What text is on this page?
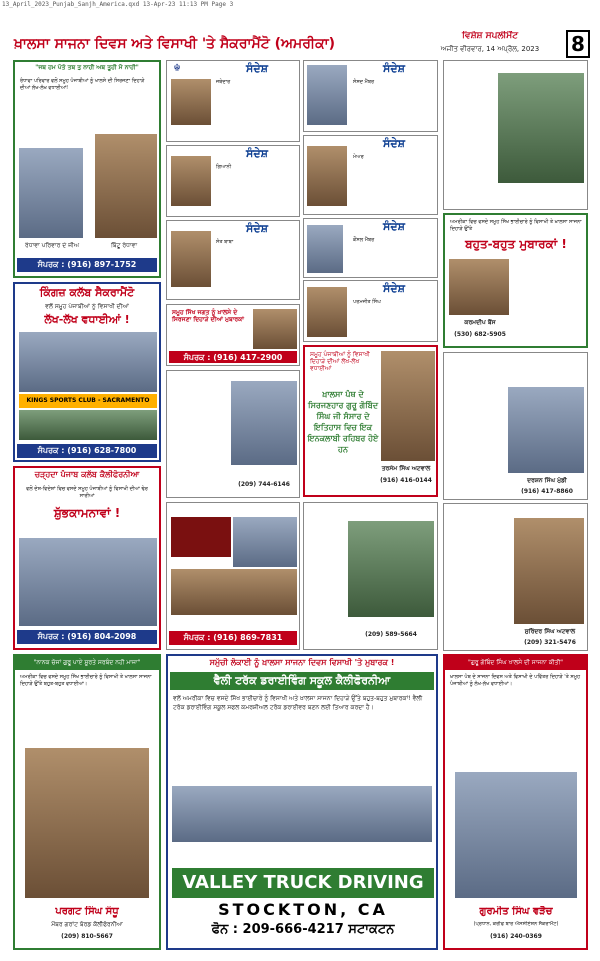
13_April_2023_Punjab_Sanjh_America.qxd 13-Apr-23 11:13 PM Page 3
ਖ਼ਾਲਸਾ ਸਾਜਨਾ ਦਿਵਸ ਅਤੇ ਵਿਸਾਖੀ 'ਤੇ ਸੈਕਰਾਮੈਂਟੋ (ਅਮਰੀਕਾ)	ਵਿਸ਼ੇਸ਼ ਸਪਲੀਮੈਂਟ
ਅਜੀਤ ਵੀਰਵਾਰ, 14 ਅਪ੍ਰੈਲ, 2023	8
"ਜਬ ਹਮ ਪੱਤੋ ਤਬ ਤੁ ਨਾਹੀ ਅਬ ਤੂਹੀ ਮੈ ਨਾਹੀ"
ਰੰਧਾਵਾ ਪਰਿਵਾਰ ਵਲੋਂ ਸਮੂਹ ਪੰਜਾਬੀਆਂ ਨੂੰ ਖਾਲਸੇ ਦੀ ਸਿਰਜਣਾ ਦਿਹਾੜੇ ਦੀਆਂ ਲੱਖ-ਲੱਖ ਵਧਾਈਆਂ!
ਰੰਧਾਵਾ ਪਰਿਵਾਰ ਦੇ ਜੀਅ	ਬਿੱਟੂ ਰੰਧਾਵਾ
ਸੰਪਰਕ : (916) 897-1752
ਕਿੰਗਜ਼ ਕਲੱਬ ਸੈਕਰਾਮੈਂਟੋ
ਵਲੋਂ ਸਮੂਹ ਪੰਜਾਬੀਆਂ ਨੂੰ ਵਿਸਾਖੀ ਦੀਆਂ
ਲੱਖ-ਲੱਖ ਵਧਾਈਆਂ !
KINGS SPORTS CLUB - SACRAMENTO
ਸੰਪਰਕ : (916) 628-7800
ਚੜ੍ਹਦਾ ਪੰਜਾਬ ਕਲੱਬ ਕੈਲੀਫੋਰਨੀਆ
ਵਲੋਂ ਦੇਸ਼-ਵਿਦੇਸ਼ਾਂ ਵਿਚ ਵਸਦੇ ਸਮੂਹ ਪੰਜਾਬੀਆਂ ਨੂੰ ਵਿਸਾਖੀ ਦੀਆਂ ਢੇਰ ਸਾਰੀਆਂ
ਸ਼ੁੱਭਕਾਮਨਾਵਾਂ !
ਸੰਪਰਕ : (916) 804-2098
☬	ਸੰਦੇਸ਼
ਜਥੇਦਾਰ
ਸੰਦੇਸ਼
ਗਿਆਨੀ
ਸੰਦੇਸ਼
ਸੰਤ ਬਾਬਾ
ਸੰਦੇਸ਼
ਸੰਸਦ ਮੈਂਬਰ
ਸੰਦੇਸ਼
ਮੇਅਰ
ਸੰਦੇਸ਼
ਕੌਂਸਲ ਮੈਂਬਰ
ਸੰਦੇਸ਼
ਪਰਮਜੀਤ ਸਿੰਘ
ਸਮੂਹ ਸਿੱਖ ਜਗਤ ਨੂੰ ਖ਼ਾਲਸੇ ਦੇ ਸਿਰਜਣਾ ਦਿਹਾੜੇ ਦੀਆਂ ਮੁਬਾਰਕਾਂ
ਸੰਪਰਕ : (916) 417-2900
(209) 744-6146
ਸਮੂਹ ਪੰਜਾਬੀਆਂ ਨੂੰ ਵਿਸਾਖੀ ਦਿਹਾੜੇ ਦੀਆਂ ਲੱਖ-ਲੱਖ ਵਧਾਈਆਂ
ਖ਼ਾਲਸਾ ਪੰਥ ਦੇ ਸਿਰਜਣਹਾਰ ਗੁਰੂ ਗੋਬਿੰਦ ਸਿੰਘ ਜੀ ਸੰਸਾਰ ਦੇ ਇਤਿਹਾਸ ਵਿਚ ਇਕ ਇਨਕਲਾਬੀ ਰਹਿਬਰ ਹੋਏ ਹਨ
ਤਰਸੇਮ ਸਿੰਘ ਅਟਵਾਲ
(916) 416-0144
ਅਮਰੀਕਾ ਵਿਚ ਵਸਦੇ ਸਮੂਹ ਸਿੱਖ ਭਾਈਚਾਰੇ ਨੂੰ ਵਿਸਾਖੀ ਤੇ ਖ਼ਾਲਸਾ ਸਾਜਨਾ ਦਿਹਾੜੇ ਉੱਤੇ
ਬਹੁਤ-ਬਹੁਤ ਮੁਬਾਰਕਾਂ !
ਕਰਮਦੀਪ ਬੈਂਸ
(530) 682-5905
ਦਰਸ਼ਨ ਸਿੰਘ ਮੁੰਡੀ
(916) 417-8860
ਸੁਰਿੰਦਰ ਸਿੰਘ ਅਟਵਾਲ
(209) 321-5476
ਸੰਪਰਕ : (916) 869-7831	(209) 589-5664
"ਨਾਨਕ ਚੋਜਾਂ ਗੁਰੂ ਪਾਏ ਸੂਰਤੇ ਸਰਬੰਦ ਨਹੀ ਮਾਜਾ"
ਅਮਰੀਕਾ ਵਿਚ ਵਸਦੇ ਸਮੂਹ ਸਿੱਖ ਭਾਈਚਾਰੇ ਨੂੰ ਵਿਸਾਖੀ ਤੇ ਖਾਲਸਾ ਸਾਜਨਾ ਦਿਹਾੜੇ ਉੱਤੇ ਬਹੁਤ-ਬਹੁਤ ਵਧਾਈਆਂ।
ਪਰਗਟ ਸਿੰਘ ਸੰਧੂ
ਮੈਂਬਰ ਗਰਾਂਟ ਬੋਰਡ ਕੈਲੀਫੋਰਨੀਆ
(209) 810-5667
ਸਮੁੱਚੀ ਲੋਕਾਈ ਨੂੰ ਖ਼ਾਲਸਾ ਸਾਜਨਾ ਦਿਵਸ ਵਿਸਾਖੀ 'ਤੇ ਮੁਬਾਰਕ !
ਵੈਲੀ ਟਰੱਕ ਡਰਾਈਵਿੰਗ ਸਕੂਲ ਕੈਲੀਫੋਰਨੀਆ
ਵਲੋਂ ਅਮਰੀਕਾ ਵਿਚ ਵਸਦੇ ਸਿੱਖ ਭਾਈਚਾਰੇ ਨੂੰ ਵਿਸਾਖੀ ਅਤੇ ਖ਼ਾਲਸਾ ਸਾਜਨਾ ਦਿਹਾੜੇ ਉੱਤੇ ਬਹੁਤ-ਬਹੁਤ ਮੁਬਾਰਕਾਂ! ਵੈਲੀ ਟਰੱਕ ਡਰਾਈਵਿੰਗ ਸਕੂਲ ਸਫਲ ਕਮਰਸ਼ੀਅਲ ਟਰੱਕ ਡਰਾਈਵਰ ਬਣਨ ਲਈ ਤਿਆਰ ਕਰਦਾ ਹੈ।
VALLEY TRUCK DRIVING
STOCKTON, CA
ਫੋਨ : 209-666-4217 ਸਟਾਕਟਨ
"ਗੁਰੂ ਗੋਬਿੰਦ ਸਿੰਘ ਖਾਲਸੇ ਦੀ ਸਾਜਨਾ ਕੀਤੀ"
ਖ਼ਾਲਸਾ ਪੰਥ ਦੇ ਸਾਜਨਾ ਦਿਵਸ ਅਤੇ ਵਿਸਾਖੀ ਦੇ ਪਵਿੱਤਰ ਦਿਹਾੜੇ 'ਤੇ ਸਮੂਹ ਪੰਜਾਬੀਆਂ ਨੂੰ ਲੱਖ-ਲੱਖ ਵਧਾਈਆਂ।
ਗੁਰਮੀਤ ਸਿੰਘ ਵੜੈਚ
(ਪ੍ਰਧਾਨ, ਕਰੀਫ ਬਾਰ ਐਸੋਸੀਏਸ਼ਨ ਸੈਕਰਾਮੈਂਟੋ)
(916) 240-0369
